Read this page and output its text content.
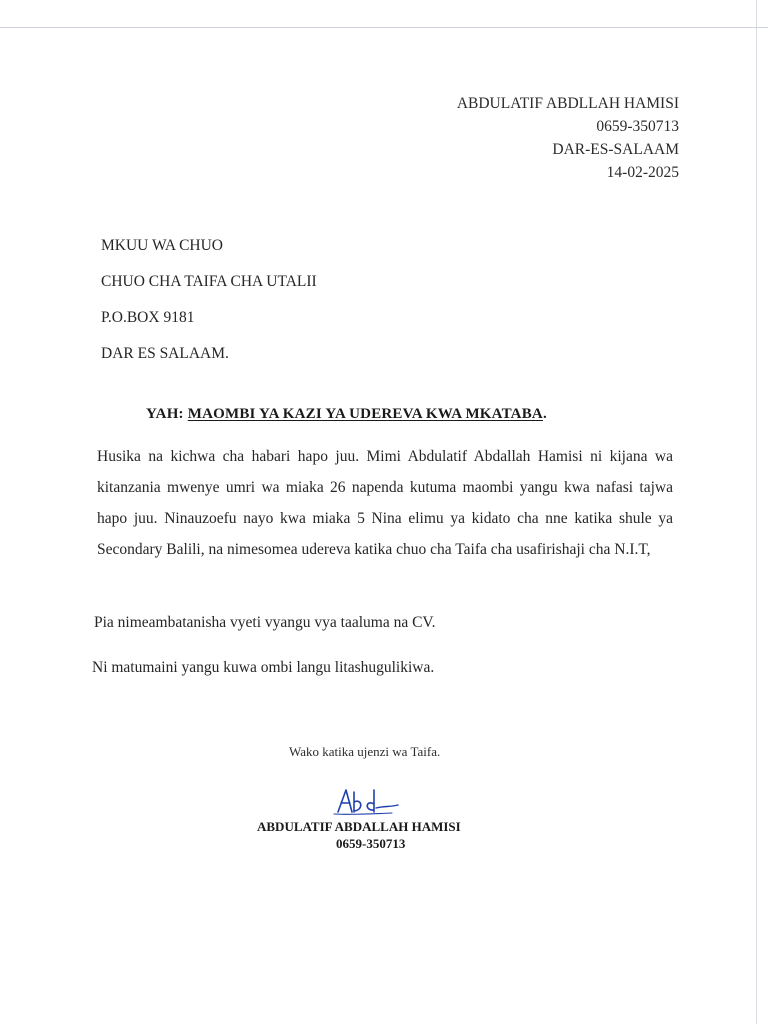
ABDULATIF ABDLLAH HAMISI
0659-350713
DAR-ES-SALAAM
14-02-2025
MKUU WA CHUO
CHUO CHA TAIFA CHA UTALII
P.O.BOX 9181
DAR ES SALAAM.
YAH: MAOMBI YA KAZI YA UDEREVA KWA MKATABA.
Husika na kichwa cha habari hapo juu. Mimi Abdulatif Abdallah Hamisi ni kijana wa kitanzania mwenye umri wa miaka 26 napenda kutuma maombi yangu kwa nafasi tajwa hapo juu. Ninauzoefu nayo kwa miaka 5 Nina elimu ya kidato cha nne katika shule ya Secondary Balili, na nimesomea udereva katika chuo cha Taifa cha usafirishaji cha N.I.T,
Pia nimeambatanisha vyeti vyangu vya taaluma na CV.
Ni matumaini yangu kuwa ombi langu litashugulikiwa.
Wako katika ujenzi wa Taifa.
ABDULATIF ABDALLAH HAMISI
0659-350713
